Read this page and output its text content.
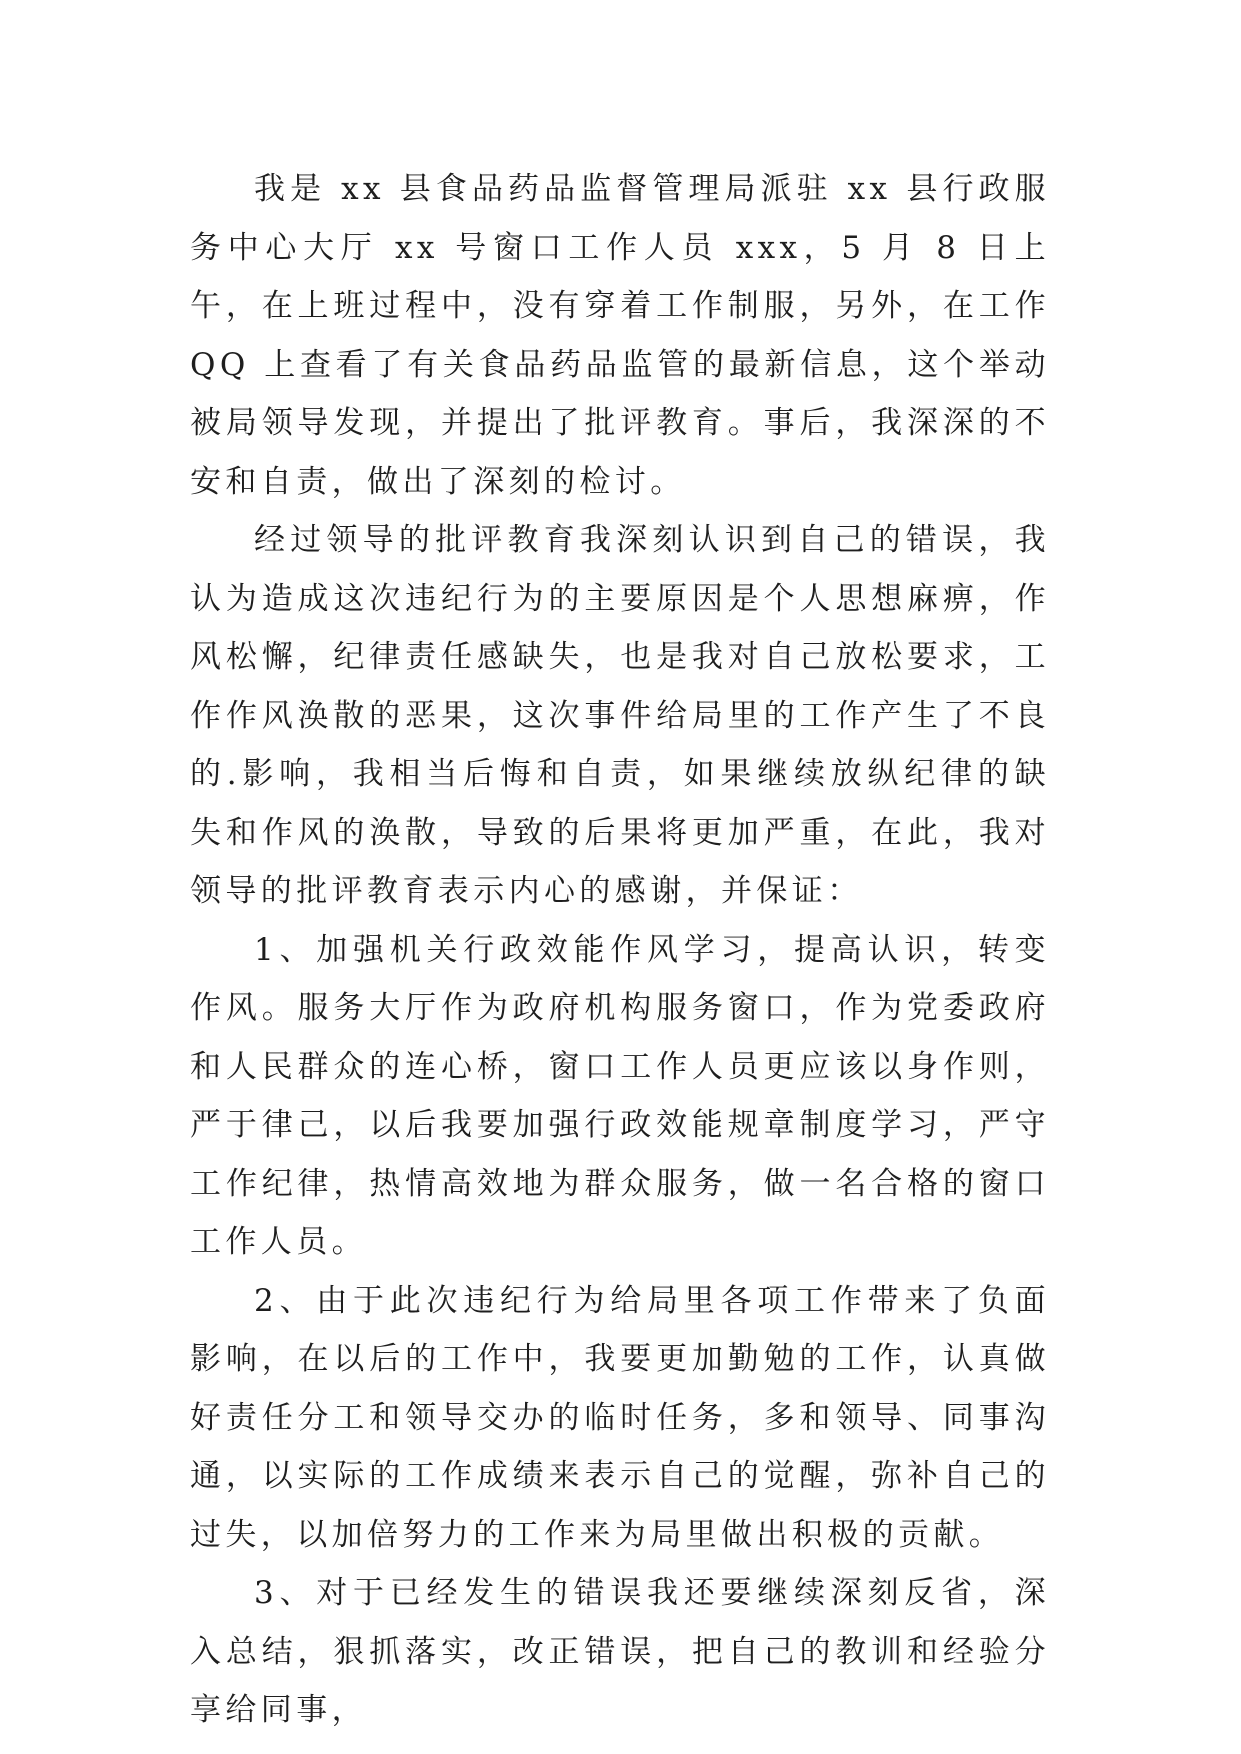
我是 xx 县食品药品监督管理局派驻 xx 县行政服务中心大厅 xx 号窗口工作人员 xxx，5 月 8 日上午，在上班过程中，没有穿着工作制服，另外，在工作 QQ 上查看了有关食品药品监管的最新信息，这个举动被局领导发现，并提出了批评教育。事后，我深深的不安和自责，做出了深刻的检讨。

经过领导的批评教育我深刻认识到自己的错误，我认为造成这次违纪行为的主要原因是个人思想麻痹，作风松懈，纪律责任感缺失，也是我对自己放松要求，工作作风涣散的恶果，这次事件给局里的工作产生了不良的.影响，我相当后悔和自责，如果继续放纵纪律的缺失和作风的涣散，导致的后果将更加严重，在此，我对领导的批评教育表示内心的感谢，并保证：

1、加强机关行政效能作风学习，提高认识，转变作风。服务大厅作为政府机构服务窗口，作为党委政府和人民群众的连心桥，窗口工作人员更应该以身作则，严于律己，以后我要加强行政效能规章制度学习，严守工作纪律，热情高效地为群众服务，做一名合格的窗口工作人员。

2、由于此次违纪行为给局里各项工作带来了负面影响，在以后的工作中，我要更加勤勉的工作，认真做好责任分工和领导交办的临时任务，多和领导、同事沟通，以实际的工作成绩来表示自己的觉醒，弥补自己的过失，以加倍努力的工作来为局里做出积极的贡献。

3、对于已经发生的错误我还要继续深刻反省，深入总结，狠抓落实，改正错误，把自己的教训和经验分享给同事，
